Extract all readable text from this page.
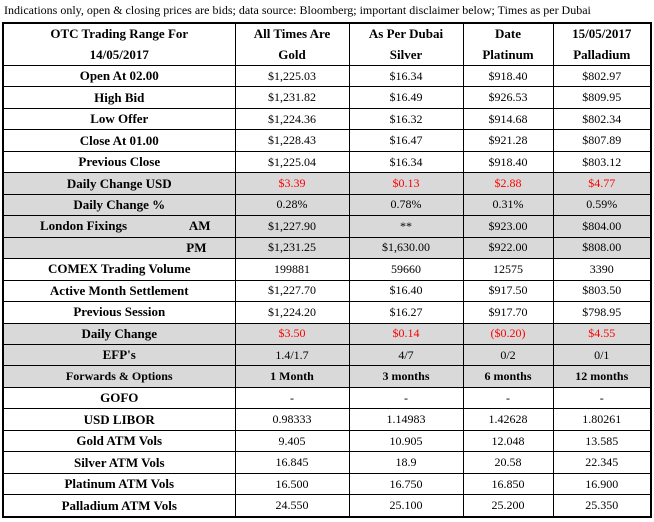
Indications only, open & closing prices are bids; data source: Bloomberg; important disclaimer below; Times as per Dubai
OTC Trading Range For	All Times Are	As Per Dubai	Date	15/05/2017
14/05/2017	Gold	Silver	Platinum	Palladium
Open At 02.00	$1,225.03	$16.34	$918.40	$802.97
High Bid	$1,231.82	$16.49	$926.53	$809.95
Low Offer	$1,224.36	$16.32	$914.68	$802.34
Close At 01.00	$1,228.43	$16.47	$921.28	$807.89
Previous Close	$1,225.04	$16.34	$918.40	$803.12
Daily Change USD	$3.39	$0.13	$2.88	$4.77
Daily Change %	0.28%	0.78%	0.31%	0.59%

London Fixings AM	$1,227.90	**	$923.00	$804.00

PM	$1,231.25	$1,630.00	$922.00	$808.00
COMEX Trading Volume	199881	59660	12575	3390
Active Month Settlement	$1,227.70	$16.40	$917.50	$803.50
Previous Session	$1,224.20	$16.27	$917.70	$798.95
Daily Change	$3.50	$0.14	($0.20)	$4.55
EFP's	1.4/1.7	4/7	0/2	0/1
Forwards & Options	1 Month	3 months	6 months	12 months
GOFO	-	-	-	-
USD LIBOR	0.98333	1.14983	1.42628	1.80261
Gold ATM Vols	9.405	10.905	12.048	13.585
Silver ATM Vols	16.845	18.9	20.58	22.345
Platinum ATM Vols	16.500	16.750	16.850	16.900
Palladium ATM Vols	24.550	25.100	25.200	25.350
